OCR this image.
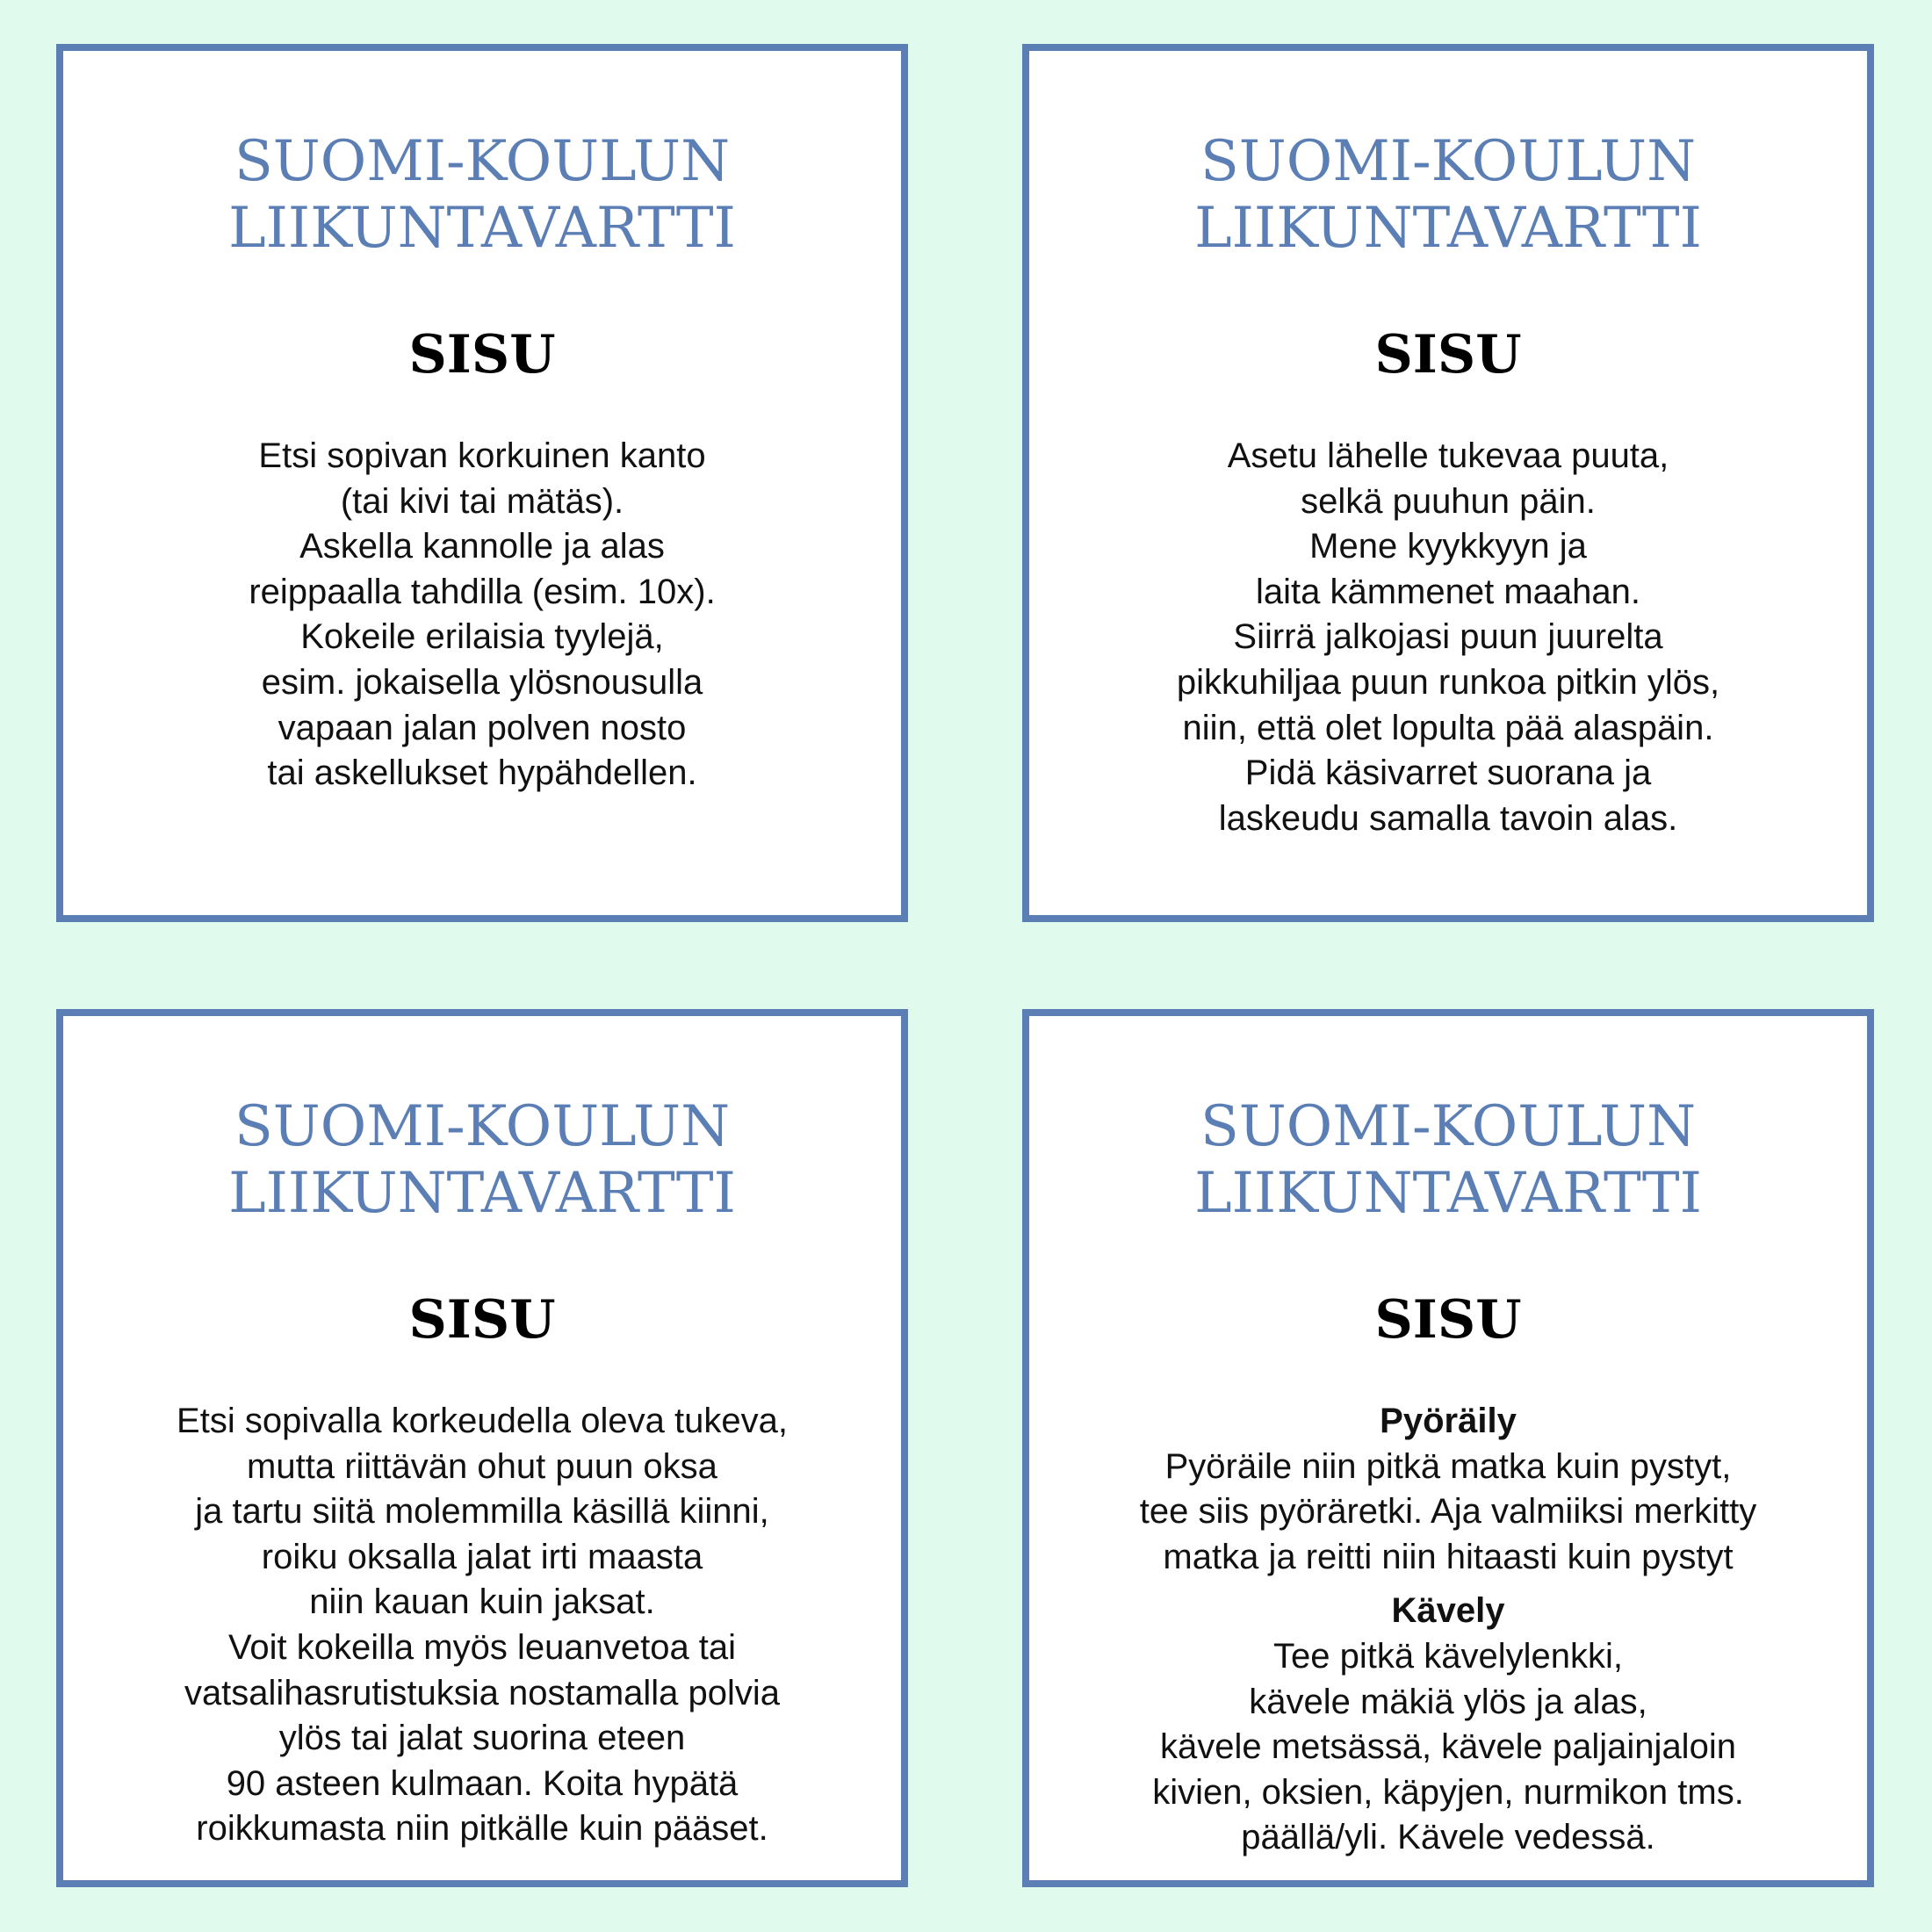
SUOMI-KOULUN
LIIKUNTAVARTTI
SISU
Etsi sopivan korkuinen kanto
(tai kivi tai mätäs).
Askella kannolle ja alas
reippaalla tahdilla (esim. 10x).
Kokeile erilaisia tyylejä,
esim. jokaisella ylösnousulla
vapaan jalan polven nosto
tai askellukset hypähdellen.
SUOMI-KOULUN
LIIKUNTAVARTTI
SISU
Asetu lähelle tukevaa puuta,
selkä puuhun päin.
Mene kyykkyyn ja
laita kämmenet maahan.
Siirrä jalkojasi puun juurelta
pikkuhiljaa puun runkoa pitkin ylös,
niin, että olet lopulta pää alaspäin.
Pidä käsivarret suorana ja
laskeudu samalla tavoin alas.
SUOMI-KOULUN
LIIKUNTAVARTTI
SISU
Etsi sopivalla korkeudella oleva tukeva,
mutta riittävän ohut puun oksa
ja tartu siitä molemmilla käsillä kiinni,
roiku oksalla jalat irti maasta
niin kauan kuin jaksat.
Voit kokeilla myös leuanvetoa tai
vatsalihasrutistuksia nostamalla polvia
ylös tai jalat suorina eteen
90 asteen kulmaan. Koita hypätä
roikkumasta niin pitkälle kuin pääset.
SUOMI-KOULUN
LIIKUNTAVARTTI
SISU
Pyöräily
Pyöräile niin pitkä matka kuin pystyt,
tee siis pyöräretki. Aja valmiiksi merkitty
matka ja reitti niin hitaasti kuin pystyt
Kävely
Tee pitkä kävelylenkki,
kävele mäkiä ylös ja alas,
kävele metsässä, kävele paljainjaloin
kivien, oksien, käpyjen, nurmikon tms.
päällä/yli. Kävele vedessä.
